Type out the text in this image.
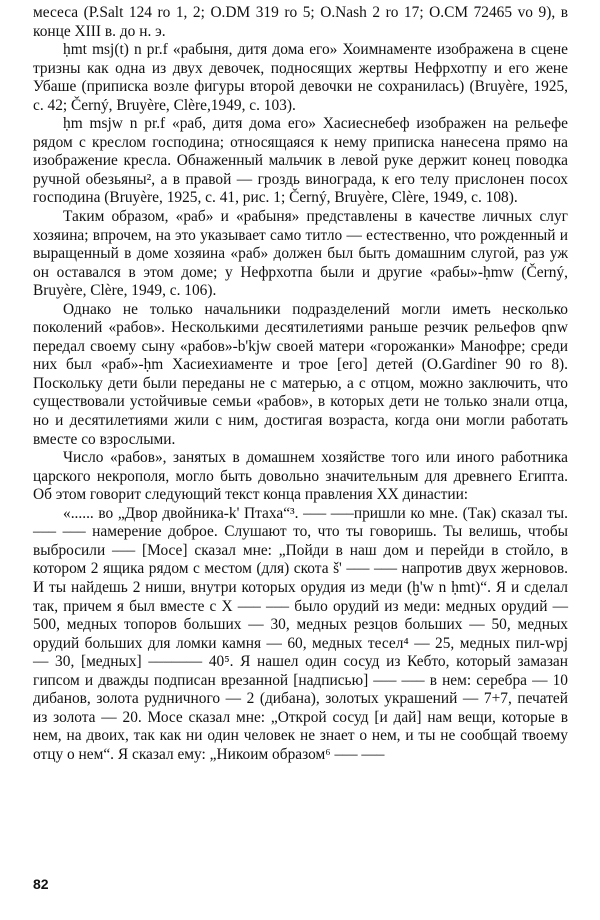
месеса (P.Salt 124 ro 1, 2; O.DM 319 ro 5; O.Nash 2 ro 17; O.CM 72465 vo 9), в конце XIII в. до н. э.

ḥmt msj(t) n pr.f «рабыня, дитя дома его» Хоимнаменте изображена в сцене тризны как одна из двух девочек, подносящих жертвы Нефрхотпу и его жене Убаше (приписка возле фигуры второй девочки не сохранилась) (Bruyère, 1925, с. 42; Černý, Bruyère, Clère,1949, с. 103).

ḥm msjw n pr.f «раб, дитя дома его» Хасиеснебеф изображен на рельефе рядом с креслом господина; относящаяся к нему приписка нанесена прямо на изображение кресла. Обнаженный мальчик в левой руке держит конец поводка ручной обезьяны², а в правой — гроздь винограда, к его телу прислонен посох господина (Bruyère, 1925, с. 41, рис. 1; Černý, Bruyère, Clère, 1949, с. 108).

Таким образом, «раб» и «рабыня» представлены в качестве личных слуг хозяина; впрочем, на это указывает само титло — естественно, что рожденный и выращенный в доме хозяина «раб» должен был быть домашним слугой, раз уж он оставался в этом доме; у Нефрхотпа были и другие «рабы»-ḥmw (Černý, Bruyère, Clère, 1949, с. 106).

Однако не только начальники подразделений могли иметь несколько поколений «рабов». Несколькими десятилетиями раньше резчик рельефов qnw передал своему сыну «рабов»-b'kjw своей матери «горожанки» Манофре; среди них был «раб»-ḥm Хасиехиаменте и трое [его] детей (O.Gardiner 90 ro 8). Поскольку дети были переданы не с матерью, а с отцом, можно заключить, что существовали устойчивые семьи «рабов», в которых дети не только знали отца, но и десятилетиями жили с ним, достигая возраста, когда они могли работать вместе со взрослыми.

Число «рабов», занятых в домашнем хозяйстве того или иного работника царского некрополя, могло быть довольно значительным для древнего Египта. Об этом говорит следующий текст конца правления XX династии:

«...... во „Двор двойника-k' Птаха“³. ––– –––пришли ко мне. (Так) сказал ты. ––– ––– намерение доброе. Слушают то, что ты говоришь. Ты велишь, чтобы выбросили ––– [Мосе] сказал мне: „Пойди в наш дом и перейди в стойло, в котором 2 ящика рядом с местом (для) скота š' ––– ––– напротив двух жерновов. И ты найдешь 2 ниши, внутри которых орудия из меди (ḫ'w n ḥmt)“. Я и сделал так, причем я был вместе с Х ––– ––– было орудий из меди: медных орудий — 500, медных топоров больших — 30, медных резцов больших — 50, медных орудий больших для ломки камня — 60, медных тесел⁴ — 25, медных пил-wpj — 30, [медных] –––––— 40⁵. Я нашел один сосуд из Кебто, который замазан гипсом и дважды подписан врезанной [надписью] ––– ––– в нем: серебра — 10 дибанов, золота рудничного — 2 (дибана), золотых украшений — 7+7, печатей из золота — 20. Мосе сказал мне: „Открой сосуд [и дай] нам вещи, которые в нем, на двоих, так как ни один человек не знает о нем, и ты не сообщай твоему отцу о нем“. Я сказал ему: „Никоим образом⁶ ––– –––

82
